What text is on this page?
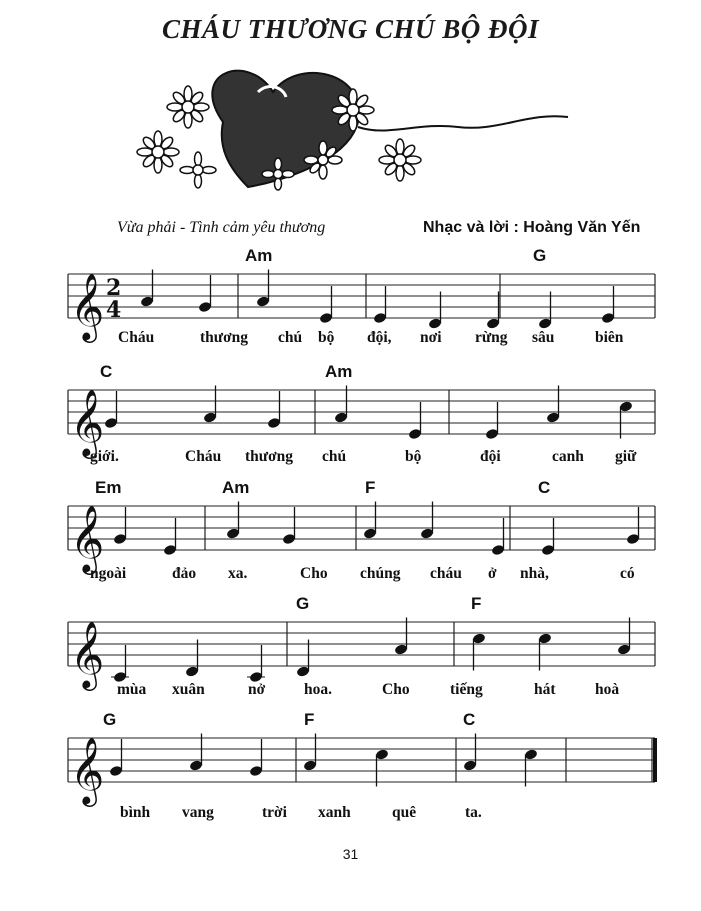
CHÁU THƯƠNG CHÚ BỘ ĐỘI
Vừa phải - Tình cảm yêu thương	Nhạc và lời : Hoàng Văn Yến
𝄞 2
4
𝄞
𝄞
𝄞
𝄞
Am	G
Cháu	thương chú bộ đội, nơi rừng sâu	biên
C	Am
giới.	Cháu thương chú	bộ	đội	canh giữ
Em	Am	F	C
ngoài	đảo xa.	Cho chúng cháu ở nhà,	có
G	F
mùa xuân	nở	hoa.	Cho	tiếng	hát	hoà
G	F	C
bình vang	trời xanh	quê	ta.
31
